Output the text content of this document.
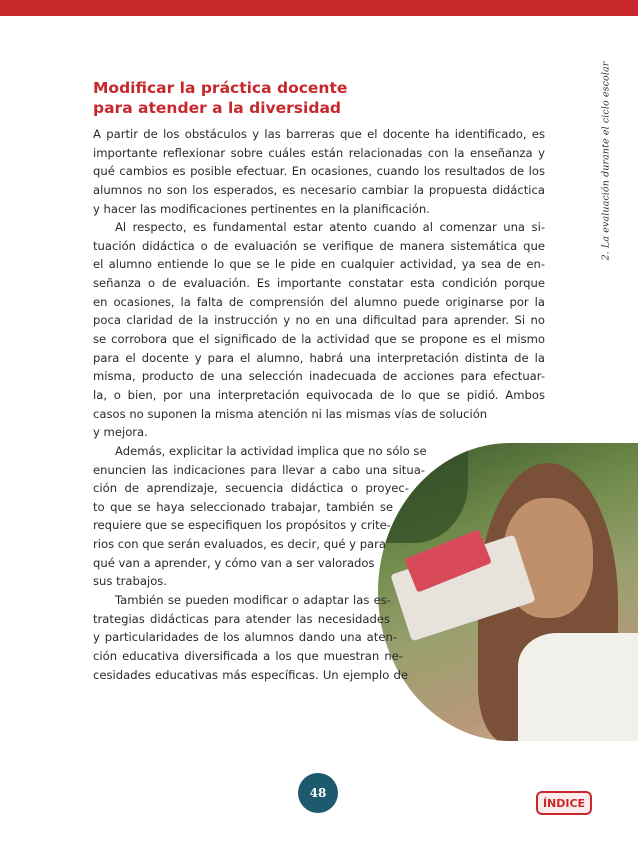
2. La evaluación durante el ciclo escolar
Modificar la práctica docente
para atender a la diversidad
A partir de los obstáculos y las barreras que el docente ha identificado, es
importante reflexionar sobre cuáles están relacionadas con la enseñanza y
qué cambios es posible efectuar. En ocasiones, cuando los resultados de los
alumnos no son los esperados, es necesario cambiar la propuesta didáctica
y hacer las modificaciones pertinentes en la planificación.
Al respecto, es fundamental estar atento cuando al comenzar una si-
tuación didáctica o de evaluación se verifique de manera sistemática que
el alumno entiende lo que se le pide en cualquier actividad, ya sea de en-
señanza o de evaluación. Es importante constatar esta condición porque
en ocasiones, la falta de comprensión del alumno puede originarse por la
poca claridad de la instrucción y no en una dificultad para aprender. Si no
se corrobora que el significado de la actividad que se propone es el mismo
para el docente y para el alumno, habrá una interpretación distinta de la
misma, producto de una selección inadecuada de acciones para efectuar-
la, o bien, por una interpretación equivocada de lo que se pidió. Ambos
casos no suponen la misma atención ni las mismas vías de solución
y mejora.
Además, explicitar la actividad implica que no sólo se
enuncien las indicaciones para llevar a cabo una situa-
ción de aprendizaje, secuencia didáctica o proyec-
to que se haya seleccionado trabajar, también se
requiere que se especifiquen los propósitos y crite-
rios con que serán evaluados, es decir, qué y para
qué van a aprender, y cómo van a ser valorados
sus trabajos.
También se pueden modificar o adaptar las es-
trategias didácticas para atender las necesidades
y particularidades de los alumnos dando una aten-
ción educativa diversificada a los que muestran ne-
cesidades educativas más específicas. Un ejemplo de
48
ÍNDICE
